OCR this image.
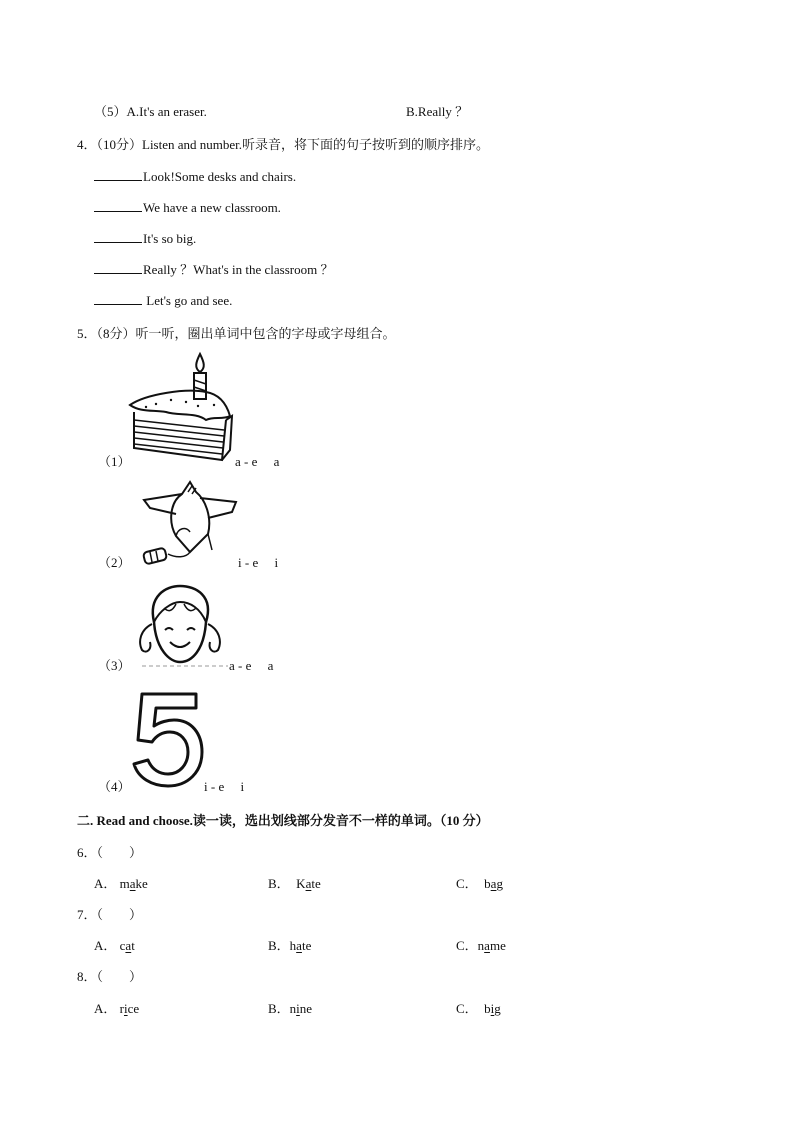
（5）A.It's an eraser.	B.Really ？
4．（10分）Listen and number.听录音，将下面的句子按听到的顺序排序。
Look!Some desks and chairs.
We have a new classroom.
It's so big.
Really ？What's in the classroom ？
Let's go and see.
5．（8分）听一听，圈出单词中包含的字母或字母组合。
（1）	a - e　 a
（2）	i - e　 i
（3）	a - e　 a
（4）	i - e　 i
二. Read and choose.读一读，选出划线部分发音不一样的单词。（10 分）
6．（　　）
A． make	B． Kate	C． bag
7．（　　）
A． cat	B．hate	C．name
8．（　　）
A． rice	B．nine	C． big
